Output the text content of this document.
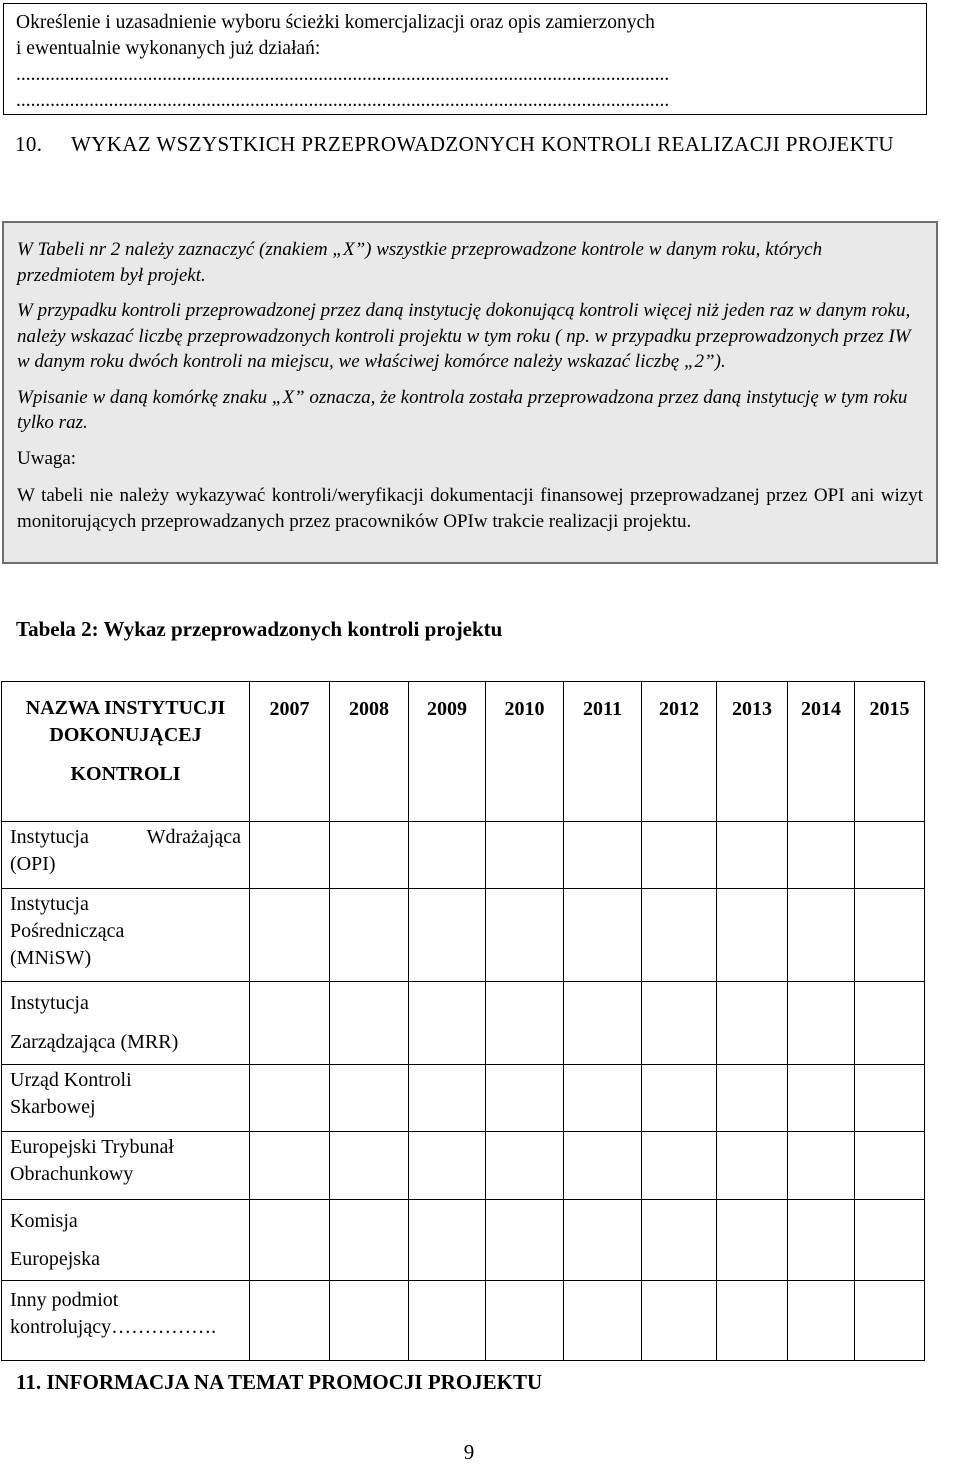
Określenie i uzasadnienie wyboru ścieżki komercjalizacji oraz opis zamierzonych
i ewentualnie wykonanych już działań:
......................................................................................................................................
......................................................................................................................................
10. WYKAZ WSZYSTKICH PRZEPROWADZONYCH KONTROLI REALIZACJI PROJEKTU

W Tabeli nr 2 należy zaznaczyć (znakiem „X”) wszystkie przeprowadzone kontrole w danym roku, których przedmiotem był projekt.

W przypadku kontroli przeprowadzonej przez daną instytucję dokonującą kontroli więcej niż jeden raz w danym roku, należy wskazać liczbę przeprowadzonych kontroli projektu w tym roku ( np. w przypadku przeprowadzonych przez IW w danym roku dwóch kontroli na miejscu, we właściwej komórce należy wskazać liczbę „2”).

Wpisanie w daną komórkę znaku „X” oznacza, że kontrola została przeprowadzona przez daną instytucję w tym roku tylko raz.

Uwaga:

W tabeli nie należy wykazywać kontroli/weryfikacji dokumentacji finansowej przeprowadzanej przez OPI ani wizyt monitorujących przeprowadzanych przez pracowników OPIw trakcie realizacji projektu.

Tabela 2: Wykaz przeprowadzonych kontroli projektu
NAZWA INSTYTUCJI DOKONUJĄCEJ
KONTROLI	2007	2008	2009	2010	2011	2012	2013	2014	2015

Instytucja Wdrażająca
(OPI)									

Instytucja
Pośrednicząca
(MNiSW)									

Instytucja
Zarządzająca (MRR)									

Urząd Kontroli
Skarbowej									

Europejski Trybunał
Obrachunkowy									

Komisja
Europejska									

Inny podmiot
kontrolujący…………….									

11. INFORMACJA NA TEMAT PROMOCJI PROJEKTU
9
